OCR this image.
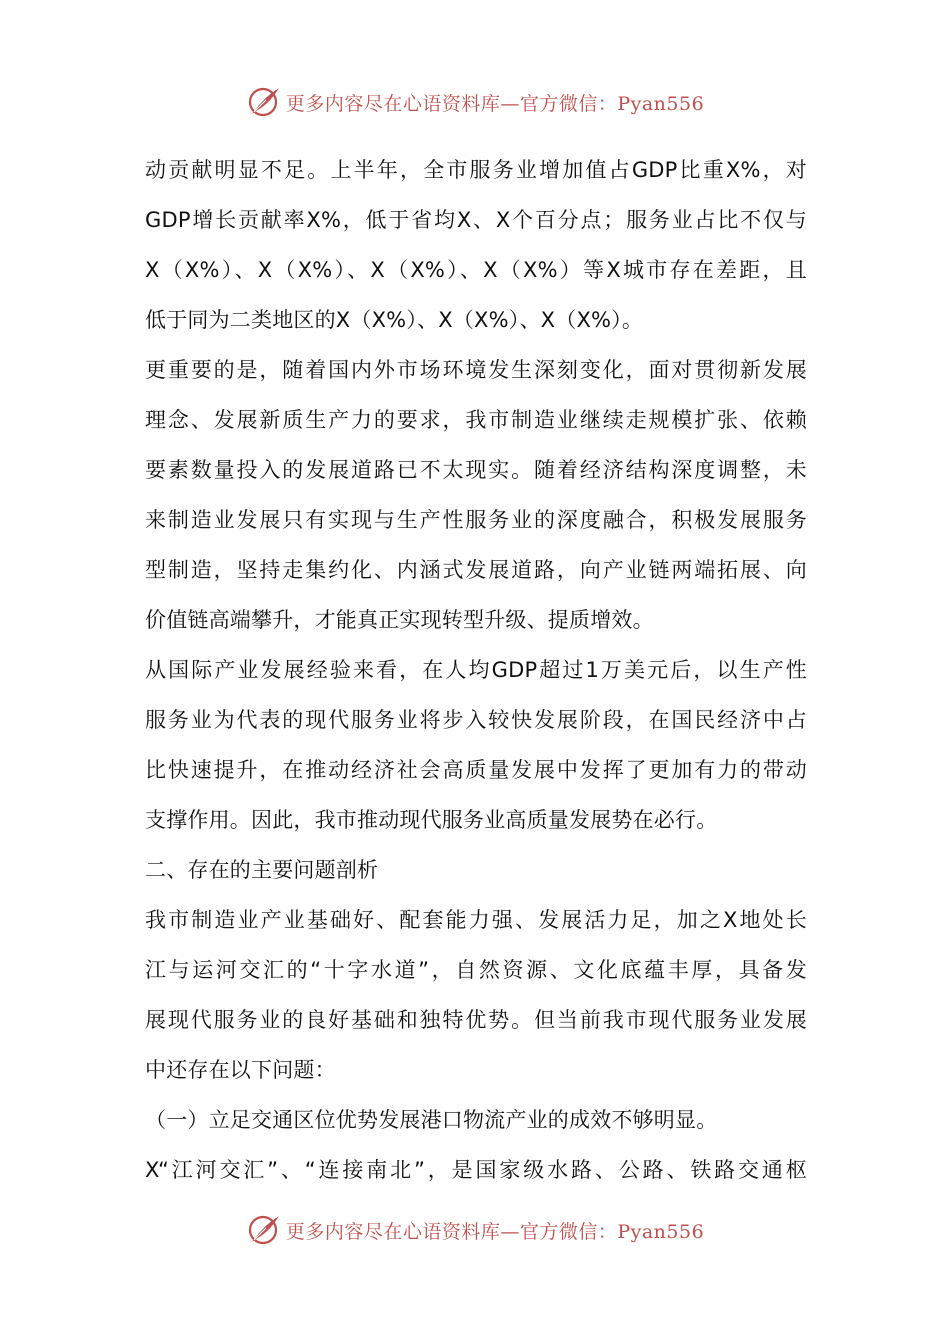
更多内容尽在心语资料库—官方微信：Pyan556
动贡献明显不足。上半年，全市服务业增加值占GDP比重X%，对
GDP增长贡献率X%，低于省均X、X个百分点；服务业占比不仅与
X（X%）、X（X%）、X（X%）、X（X%）等X城市存在差距，且
低于同为二类地区的X（X%）、X（X%）、X（X%）。
更重要的是，随着国内外市场环境发生深刻变化，面对贯彻新发展
理念、发展新质生产力的要求，我市制造业继续走规模扩张、依赖
要素数量投入的发展道路已不太现实。随着经济结构深度调整，未
来制造业发展只有实现与生产性服务业的深度融合，积极发展服务
型制造，坚持走集约化、内涵式发展道路，向产业链两端拓展、向
价值链高端攀升，才能真正实现转型升级、提质增效。
从国际产业发展经验来看，在人均GDP超过1万美元后，以生产性
服务业为代表的现代服务业将步入较快发展阶段，在国民经济中占
比快速提升，在推动经济社会高质量发展中发挥了更加有力的带动
支撑作用。因此，我市推动现代服务业高质量发展势在必行。
二、存在的主要问题剖析
我市制造业产业基础好、配套能力强、发展活力足，加之X地处长
江与运河交汇的“十字水道”，自然资源、文化底蕴丰厚，具备发
展现代服务业的良好基础和独特优势。但当前我市现代服务业发展
中还存在以下问题：
（一）立足交通区位优势发展港口物流产业的成效不够明显。
X“江河交汇”、“连接南北”，是国家级水路、公路、铁路交通枢
更多内容尽在心语资料库—官方微信：Pyan556
